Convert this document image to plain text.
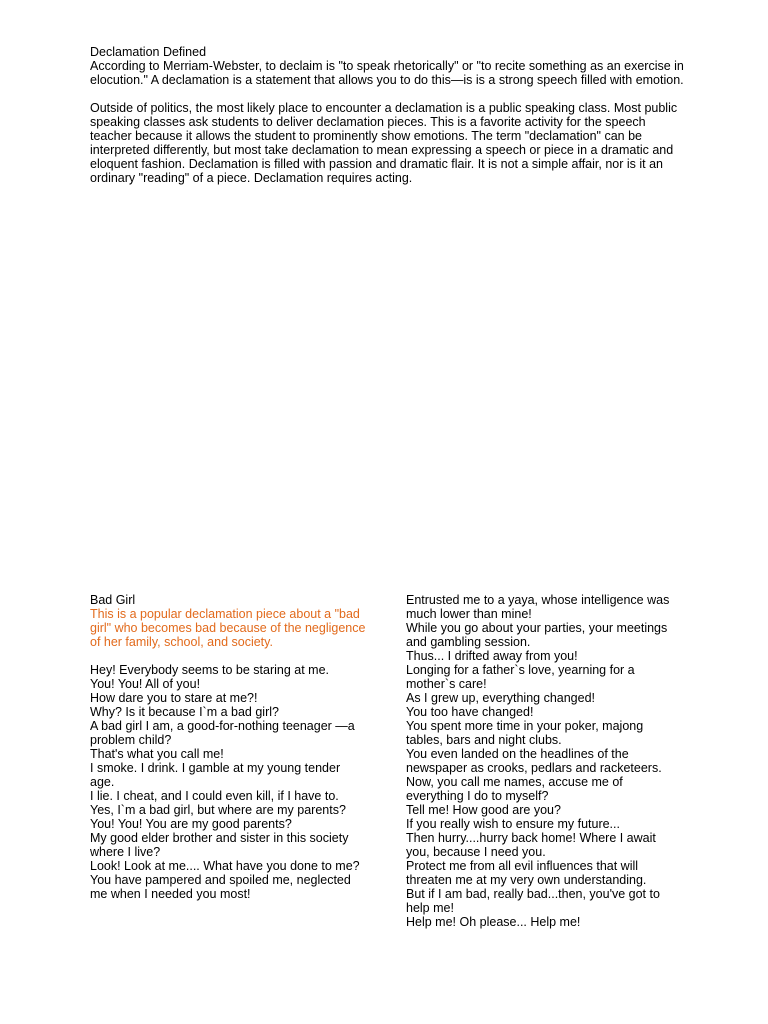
Declamation Defined

According to Merriam-Webster, to declaim is "to speak rhetorically" or "to recite something as an exercise in elocution." A declamation is a statement that allows you to do this—is is a strong speech filled with emotion.

Outside of politics, the most likely place to encounter a declamation is a public speaking class. Most public speaking classes ask students to deliver declamation pieces. This is a favorite activity for the speech teacher because it allows the student to prominently show emotions. The term "declamation" can be interpreted differently, but most take declamation to mean expressing a speech or piece in a dramatic and eloquent fashion. Declamation is filled with passion and dramatic flair. It is not a simple affair, nor is it an ordinary "reading" of a piece. Declamation requires acting.

Bad Girl
This is a popular declamation piece about a "bad girl" who becomes bad because of the negligence of her family, school, and society.
Hey! Everybody seems to be staring at me.
You! You! All of you!
How dare you to stare at me?!
Why? Is it because I`m a bad girl?
A bad girl I am, a good-for-nothing teenager —a problem child?
That's what you call me!
I smoke. I drink. I gamble at my young tender age.
I lie. I cheat, and I could even kill, if I have to.
Yes, I`m a bad girl, but where are my parents?
You! You! You are my good parents?
My good elder brother and sister in this society where I live?
Look! Look at me.... What have you done to me?
You have pampered and spoiled me, neglected me when I needed you most!
Entrusted me to a yaya, whose intelligence was much lower than mine!
While you go about your parties, your meetings and gambling session.
Thus... I drifted away from you!
Longing for a father`s love, yearning for a mother`s care!
As I grew up, everything changed!
You too have changed!
You spent more time in your poker, majong tables, bars and night clubs.
You even landed on the headlines of the newspaper as crooks, pedlars and racketeers.
Now, you call me names, accuse me of everything I do to myself?
Tell me! How good are you?
If you really wish to ensure my future...
Then hurry....hurry back home! Where I await you, because I need you.
Protect me from all evil influences that will threaten me at my very own understanding.
But if I am bad, really bad...then, you've got to help me!
Help me! Oh please... Help me!
